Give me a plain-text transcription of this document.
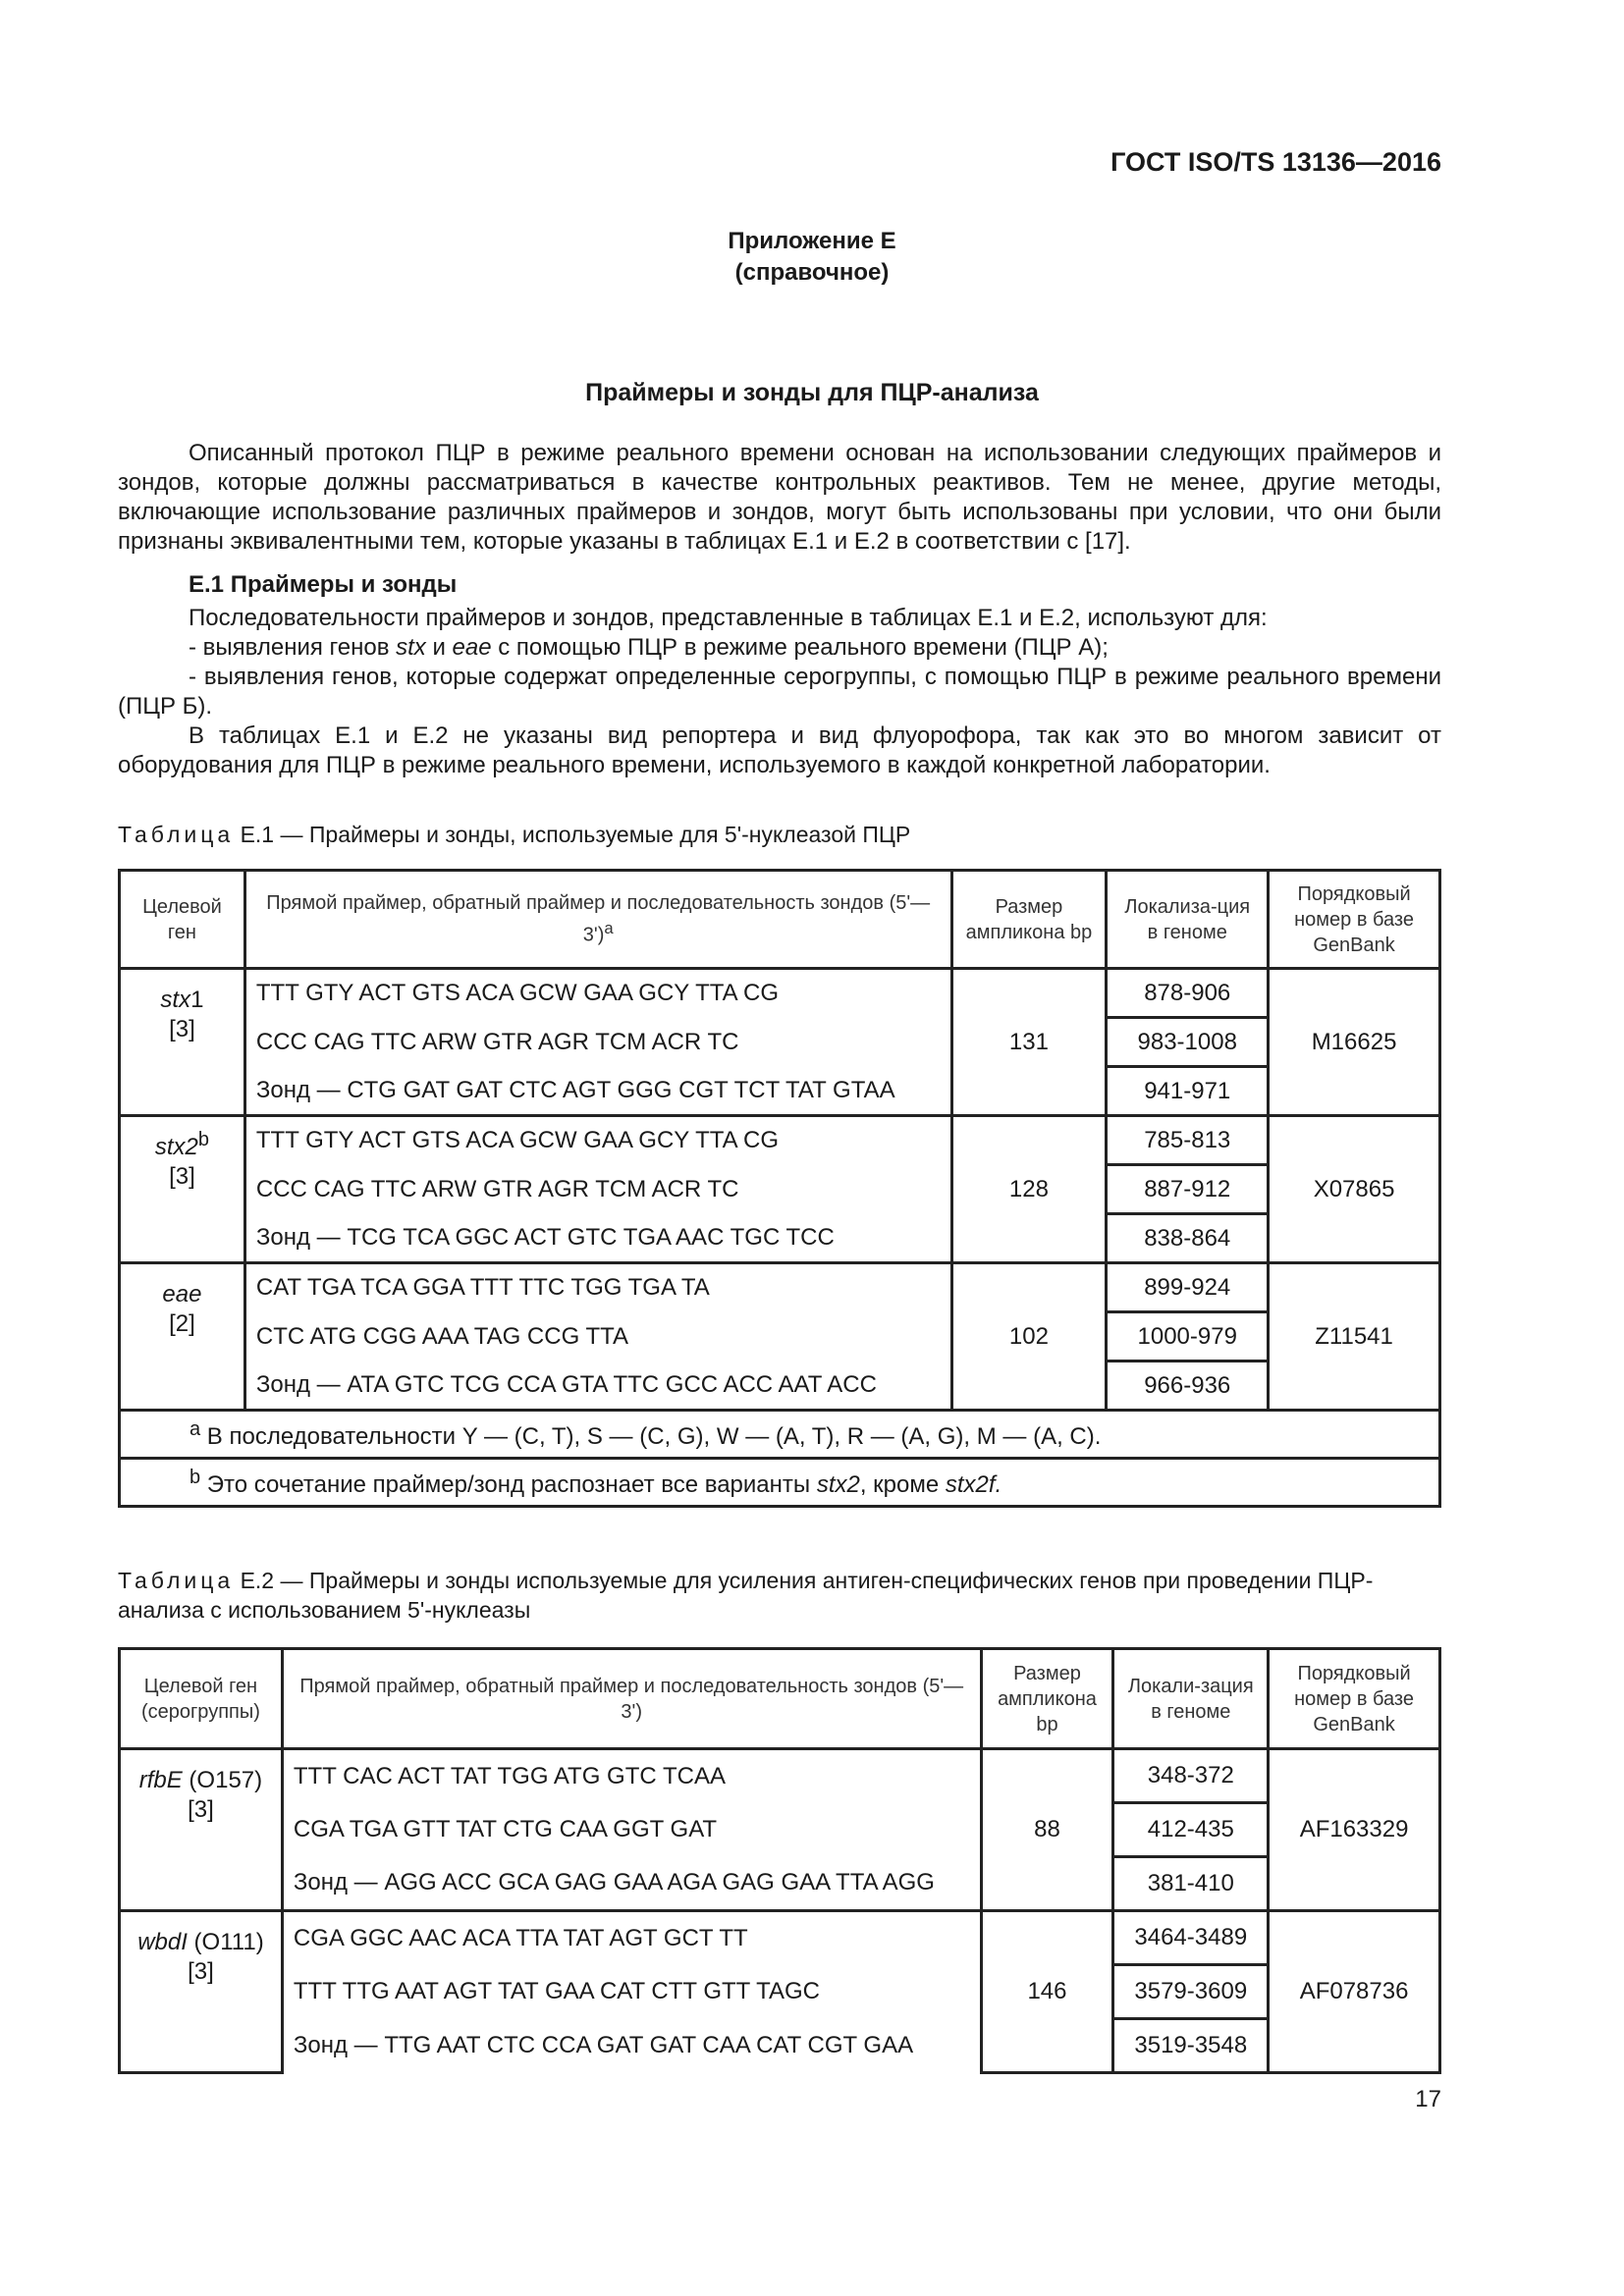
ГОСТ ISO/TS 13136—2016
Приложение Е
(справочное)
Праймеры и зонды для ПЦР-анализа

Описанный протокол ПЦР в режиме реального времени основан на использовании следующих праймеров и зондов, которые должны рассматриваться в качестве контрольных реактивов. Тем не менее, другие методы, включающие использование различных праймеров и зондов, могут быть использованы при условии, что они были признаны эквивалентными тем, которые указаны в таблицах Е.1 и Е.2 в соответствии с [17].

Е.1 Праймеры и зонды

Последовательности праймеров и зондов, представленные в таблицах Е.1 и Е.2, используют для:

- выявления генов stx и eae с помощью ПЦР в режиме реального времени (ПЦР А);

- выявления генов, которые содержат определенные серогруппы, с помощью ПЦР в режиме реального времени (ПЦР Б).

В таблицах Е.1 и Е.2 не указаны вид репортера и вид флуорофора, так как это во многом зависит от оборудования для ПЦР в режиме реального времени, используемого в каждой конкретной лаборатории.

Таблица Е.1 — Праймеры и зонды, используемые для 5'-нуклеазой ПЦР
Целевой ген	Прямой праймер, обратный праймер и последовательность зондов (5'—3')$^a$	Размер ампликона bp	Локализа-ция в геноме	Порядковый номер в базе GenBank
stx1
[3]	TTT GTY ACT GTS ACA GCW GAA GCY TTA CG	131	878-906	M16625
	CCC CAG TTC ARW GTR AGR TCM ACR TC		983-1008	
	Зонд — CTG GAT GAT CTC AGT GGG CGT TCT TAT GTAA		941-971	
stx2$^b$
[3]	TTT GTY ACT GTS ACA GCW GAA GCY TTA CG	128	785-813	X07865
	CCC CAG TTC ARW GTR AGR TCM ACR TC		887-912	
	Зонд — TCG TCA GGC ACT GTC TGA AAC TGC TCC		838-864	
eae
[2]	CAT TGA TCA GGA TTT TTC TGG TGA TA	102	899-924	Z11541
	CTC ATG CGG AAA TAG CCG TTA		1000-979	
	Зонд — ATA GTC TCG CCA GTA TTC GCC ACC AAT ACC		966-936	
$^a$ В последовательности Y — (C, T), S — (C, G), W — (A, T), R — (A, G), M — (A, C).				
$^b$ Это сочетание праймер/зонд распознает все варианты stx2, кроме stx2f.				
Таблица Е.2 — Праймеры и зонды используемые для усиления антиген-специфических генов при проведении ПЦР-анализа с использованием 5'-нуклеазы
Целевой ген (серогруппы)	Прямой праймер, обратный праймер и последовательность зондов (5'—3')	Размер ампликона bp	Локали-зация в геноме	Порядковый номер в базе GenBank
rfbE (O157)
[3]	TTT CAC ACT TAT TGG ATG GTC TCAA	88	348-372	AF163329
	CGA TGA GTT TAT CTG CAA GGT GAT		412-435	
	Зонд — AGG ACC GCA GAG GAA AGA GAG GAA TTA AGG		381-410	
wbdI (O111)
[3]	CGA GGC AAC ACA TTA TAT AGT GCT TT	146	3464-3489	AF078736
	TTT TTG AAT AGT TAT GAA CAT CTT GTT TAGC		3579-3609	
	Зонд — TTG AAT CTC CCA GAT GAT CAA CAT CGT GAA		3519-3548	
17
